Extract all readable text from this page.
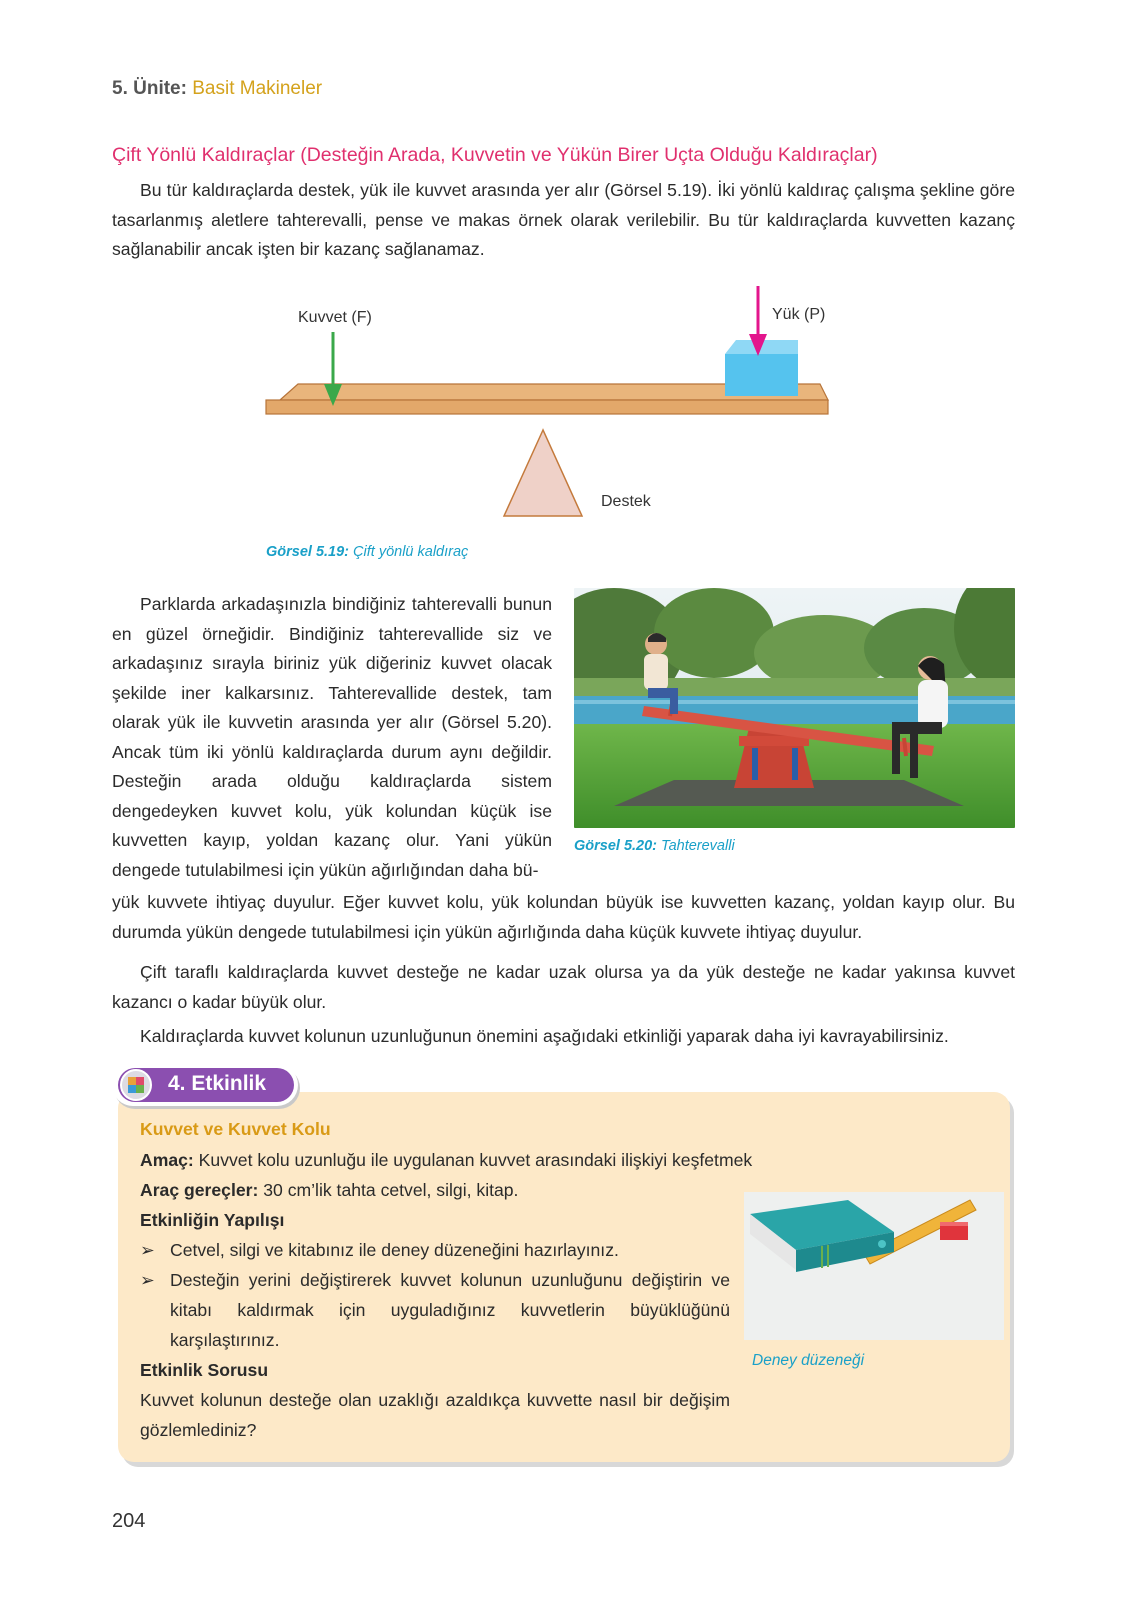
5. Ünite: Basit Makineler
Çift Yönlü Kaldıraçlar (Desteğin Arada, Kuvvetin ve Yükün Birer Uçta Olduğu Kaldıraçlar)

Bu tür kaldıraçlarda destek, yük ile kuvvet arasında yer alır (Görsel 5.19). İki yönlü kaldıraç çalışma şekline göre tasarlanmış aletlere tahterevalli, pense ve makas örnek olarak verilebilir. Bu tür kaldıraçlarda kuvvetten kazanç sağlanabilir ancak işten bir kazanç sağlanamaz.

Kuvvet (F)	Yük (P)
Destek
Görsel 5.19: Çift yönlü kaldıraç

Parklarda arkadaşınızla bindiğiniz tahterevalli bunun en güzel örneğidir. Bindiğiniz tahterevallide siz ve arkadaşınız sırayla biriniz yük diğeriniz kuvvet olacak şekilde iner kalkarsınız. Tahterevallide destek, tam olarak yük ile kuvvetin arasında yer alır (Görsel 5.20). Ancak tüm iki yönlü kaldıraçlarda durum aynı değildir. Desteğin arada olduğu kaldıraçlarda sistem dengedeyken kuvvet kolu, yük kolundan küçük ise kuvvetten kayıp, yoldan kazanç olur. Yani yükün dengede tutulabilmesi için yükün ağırlığından daha bü-

Görsel 5.20: Tahterevalli

yük kuvvete ihtiyaç duyulur. Eğer kuvvet kolu, yük kolundan büyük ise kuvvetten kazanç, yoldan kayıp olur. Bu durumda yükün dengede tutulabilmesi için yükün ağırlığında daha küçük kuvvete ihtiyaç duyulur.

Çift taraflı kaldıraçlarda kuvvet desteğe ne kadar uzak olursa ya da yük desteğe ne kadar yakınsa kuvvet kazancı o kadar büyük olur.

Kaldıraçlarda kuvvet kolunun uzunluğunun önemini aşağıdaki etkinliği yaparak daha iyi kavrayabilirsiniz.

4. Etkinlik
Kuvvet ve Kuvvet Kolu
Amaç: Kuvvet kolu uzunluğu ile uygulanan kuvvet arasındaki ilişkiyi keşfetmek
Araç gereçler: 30 cm’lik tahta cetvel, silgi, kitap.
Etkinliğin Yapılışı
➢ Cetvel, silgi ve kitabınız ile deney düzeneğini hazırlayınız.
➢ Desteğin yerini değiştirerek kuvvet kolunun uzunluğunu değiştirin ve kitabı kaldırmak için uyguladığınız kuvvetlerin büyüklüğünü karşılaştırınız.
Etkinlik Sorusu
Kuvvet kolunun desteğe olan uzaklığı azaldıkça kuvvette nasıl bir değişim gözlemlediniz?
Deney düzeneği
204
